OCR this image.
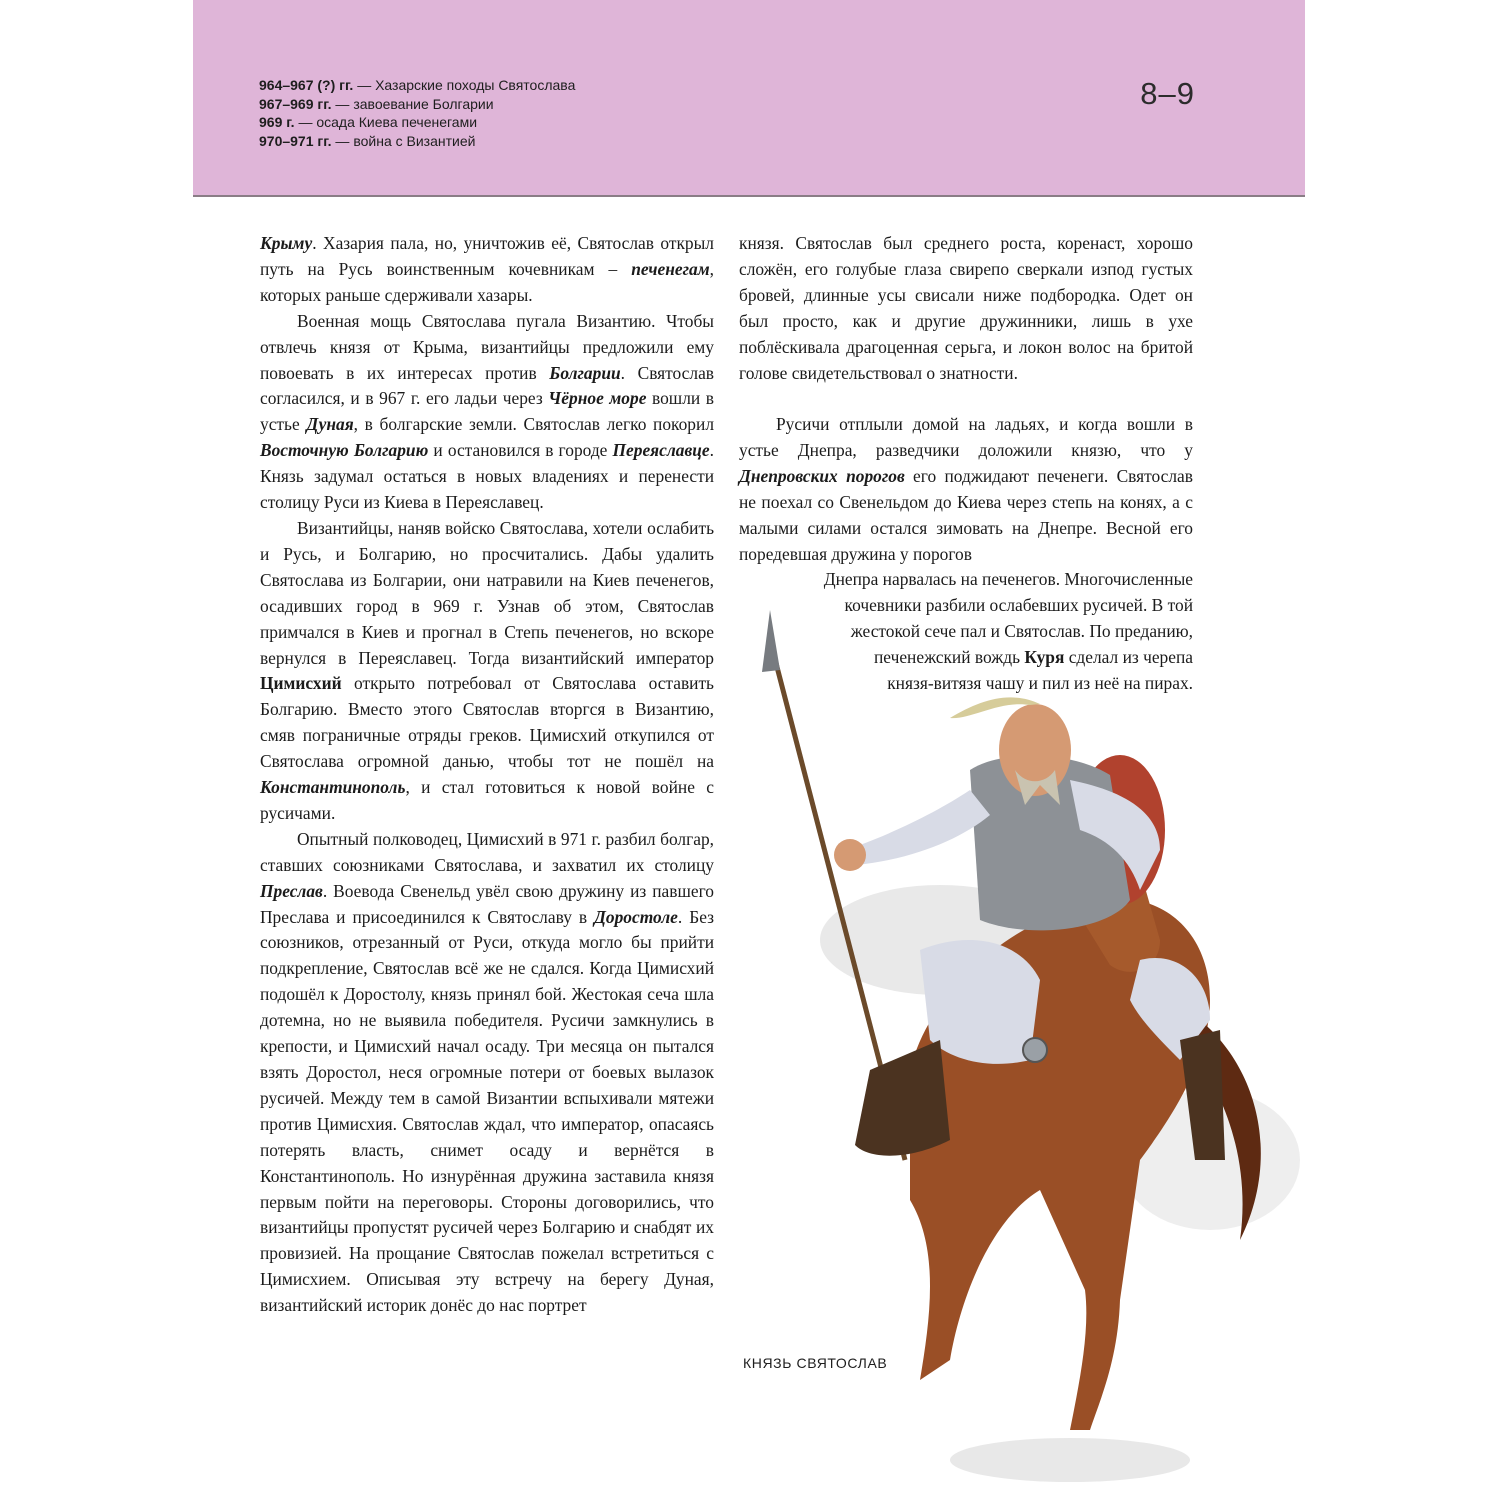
964–967 (?) гг. — Хазарские походы Святослава
967–969 гг. — завоевание Болгарии
969 г. — осада Киева печенегами
970–971 гг. — война с Византией
8–9

Крыму. Хазария пала, но, уничтожив её, Святослав открыл путь на Русь воинственным кочевникам – печенегам, которых раньше сдерживали хазары.

Военная мощь Святослава пугала Византию. Чтобы отвлечь князя от Крыма, византийцы предложили ему повоевать в их интересах против Болгарии. Святослав согласился, и в 967 г. его ладьи через Чёрное море вошли в устье Дуная, в болгарские земли. Святослав легко покорил Восточную Болгарию и остановился в городе Переяславце. Князь задумал остаться в новых владениях и перенести столицу Руси из Киева в Переяславец.

Византийцы, наняв войско Святослава, хотели ослабить и Русь, и Болгарию, но просчитались. Дабы удалить Святослава из Болгарии, они натравили на Киев печенегов, осадивших город в 969 г. Узнав об этом, Святослав примчался в Киев и прогнал в Степь печенегов, но вскоре вернулся в Переяславец. Тогда византийский император Цимисхий открыто потребовал от Святослава оставить Болгарию. Вместо этого Святослав вторгся в Византию, смяв пограничные отряды греков. Цимисхий откупился от Святослава огромной данью, чтобы тот не пошёл на Константинополь, и стал готовиться к новой войне с русичами.

Опытный полководец, Цимисхий в 971 г. разбил болгар, ставших союзниками Святослава, и захватил их столицу Преслав. Воевода Свенельд увёл свою дружину из павшего Преслава и присоединился к Святославу в Доростоле. Без союзников, отрезанный от Руси, откуда могло бы прийти подкрепление, Святослав всё же не сдался. Когда Цимисхий подошёл к Доростолу, князь принял бой. Жестокая сеча шла дотемна, но не выявила победителя. Русичи замкнулись в крепости, и Цимисхий начал осаду. Три месяца он пытался взять Доростол, неся огромные потери от боевых вылазок русичей. Между тем в самой Византии вспыхивали мятежи против Цимисхия. Святослав ждал, что император, опасаясь потерять власть, снимет осаду и вернётся в Константинополь. Но изнурённая дружина заставила князя первым пойти на переговоры. Стороны договорились, что византийцы пропустят русичей через Болгарию и снабдят их провизией. На прощание Святослав пожелал встретиться с Цимисхием. Описывая эту встречу на берегу Дуная, византийский историк донёс до нас портрет

князя. Святослав был среднего роста, коренаст, хорошо сложён, его голубые глаза свирепо сверкали изпод густых бровей, длинные усы свисали ниже подбородка. Одет он был просто, как и другие дружинники, лишь в ухе поблёскивала драгоценная серьга, и локон волос на бритой голове свидетельствовал о знатности.

Русичи отплыли домой на ладьях, и когда вошли в устье Днепра, разведчики доложили князю, что у Днепровских порогов его поджидают печенеги. Святослав не поехал со Свенельдом до Киева через степь на конях, а с малыми силами остался зимовать на Днепре. Весной его поредевшая дружина у порогов

Днепра нарвалась на печенегов. Многочисленные
кочевники разбили ослабевших русичей. В той
жестокой сече пал и Святослав. По преданию,
печенежский вождь Куря сделал из черепа
князя-витязя чашу и пил из неё на пирах.
КНЯЗЬ СВЯТОСЛАВ
